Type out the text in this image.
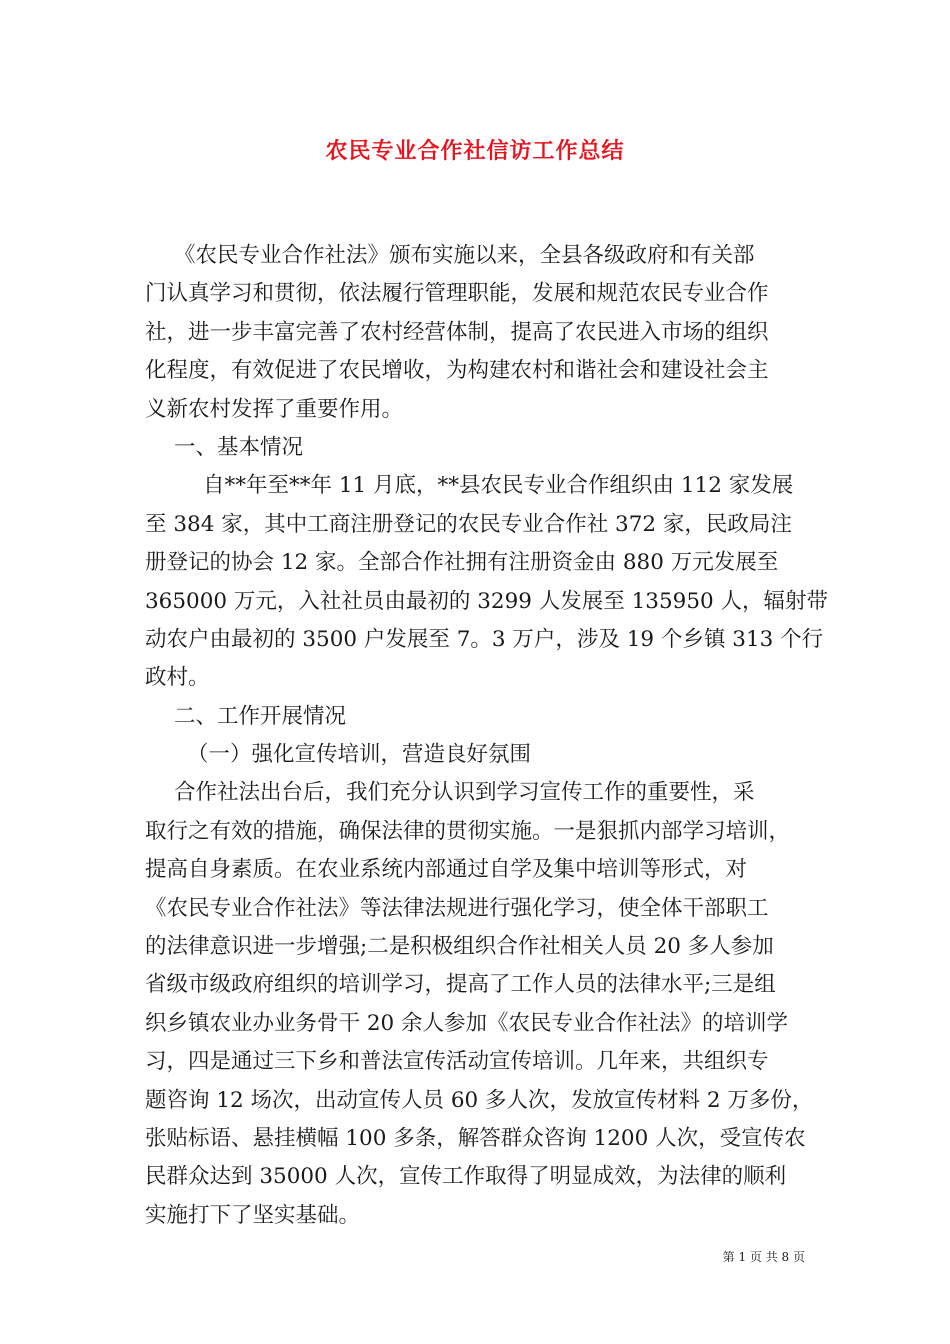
农民专业合作社信访工作总结
《农民专业合作社法》颁布实施以来，全县各级政府和有关部
门认真学习和贯彻，依法履行管理职能，发展和规范农民专业合作
社，进一步丰富完善了农村经营体制，提高了农民进入市场的组织
化程度，有效促进了农民增收，为构建农村和谐社会和建设社会主
义新农村发挥了重要作用。
一、基本情况
自**年至**年 11 月底，**县农民专业合作组织由 112 家发展
至 384 家，其中工商注册登记的农民专业合作社 372 家，民政局注
册登记的协会 12 家。全部合作社拥有注册资金由 880 万元发展至
365000 万元，入社社员由最初的 3299 人发展至 135950 人，辐射带
动农户由最初的 3500 户发展至 7。3 万户，涉及 19 个乡镇 313 个行
政村。
二、工作开展情况
（一）强化宣传培训，营造良好氛围
合作社法出台后，我们充分认识到学习宣传工作的重要性，采
取行之有效的措施，确保法律的贯彻实施。一是狠抓内部学习培训，
提高自身素质。在农业系统内部通过自学及集中培训等形式，对
《农民专业合作社法》等法律法规进行强化学习，使全体干部职工
的法律意识进一步增强;二是积极组织合作社相关人员 20 多人参加
省级市级政府组织的培训学习，提高了工作人员的法律水平;三是组
织乡镇农业办业务骨干 20 余人参加《农民专业合作社法》的培训学
习，四是通过三下乡和普法宣传活动宣传培训。几年来，共组织专
题咨询 12 场次，出动宣传人员 60 多人次，发放宣传材料 2 万多份，
张贴标语、悬挂横幅 100 多条，解答群众咨询 1200 人次，受宣传农
民群众达到 35000 人次，宣传工作取得了明显成效，为法律的顺利
实施打下了坚实基础。
第 1 页 共 8 页
